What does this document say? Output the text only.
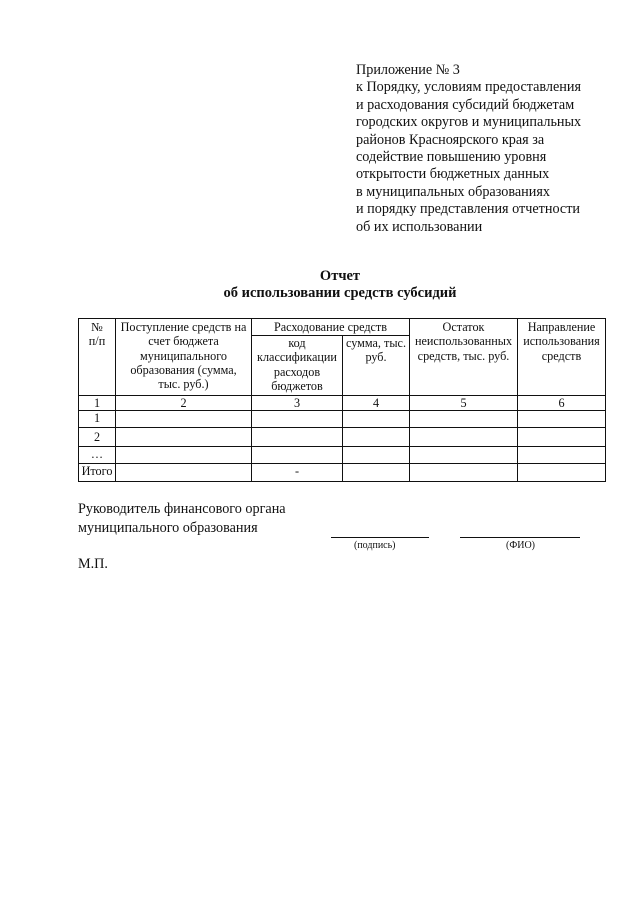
Приложение № 3
к Порядку, условиям предоставления
и расходования субсидий бюджетам
городских округов и муниципальных
районов Красноярского края за
содействие повышению уровня
открытости бюджетных данных
в муниципальных образованиях
и порядку представления отчетности
об их использовании
Отчет
об использовании средств субсидий
№ п/п	Поступление средств на счет бюджета муниципального образования (сумма, тыс. руб.)	Расходование средств		Остаток неиспользованных средств, тыс. руб.	Направление использования средств
		код классификации расходов бюджетов	сумма, тыс. руб.		
1	2	3	4	5	6
1					
2					
…					
Итого		-			
Руководитель финансового органа
муниципального образования
(подпись)	(ФИО)
М.П.
